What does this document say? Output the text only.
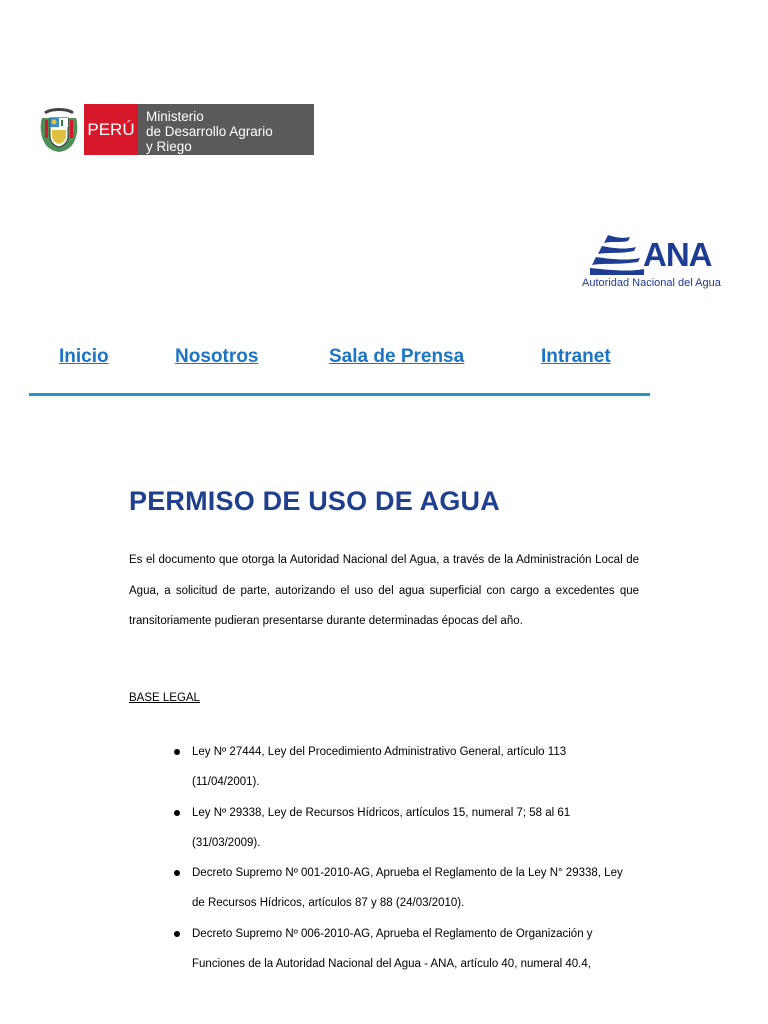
PERÚ
Ministerio
de Desarrollo Agrario
y Riego
ANA
Autoridad Nacional del Agua
Inicio	Nosotros	Sala de Prensa	Intranet
PERMISO DE USO DE AGUA

Es el documento que otorga la Autoridad Nacional del Agua, a través de la Administración Local de Agua, a solicitud de parte, autorizando el uso del agua superficial con cargo a excedentes que transitoriamente pudieran presentarse durante determinadas épocas del año.

BASE LEGAL

Ley Nº 27444, Ley del Procedimiento Administrativo General, artículo 113 (11/04/2001).
Ley Nº 29338, Ley de Recursos Hídricos, artículos 15, numeral 7; 58 al 61 (31/03/2009).
Decreto Supremo Nº 001-2010-AG, Aprueba el Reglamento de la Ley N° 29338, Ley de Recursos Hídricos, artículos 87 y 88 (24/03/2010).
Decreto Supremo Nº 006-2010-AG, Aprueba el Reglamento de Organización y Funciones de la Autoridad Nacional del Agua - ANA, artículo 40, numeral 40.4,
